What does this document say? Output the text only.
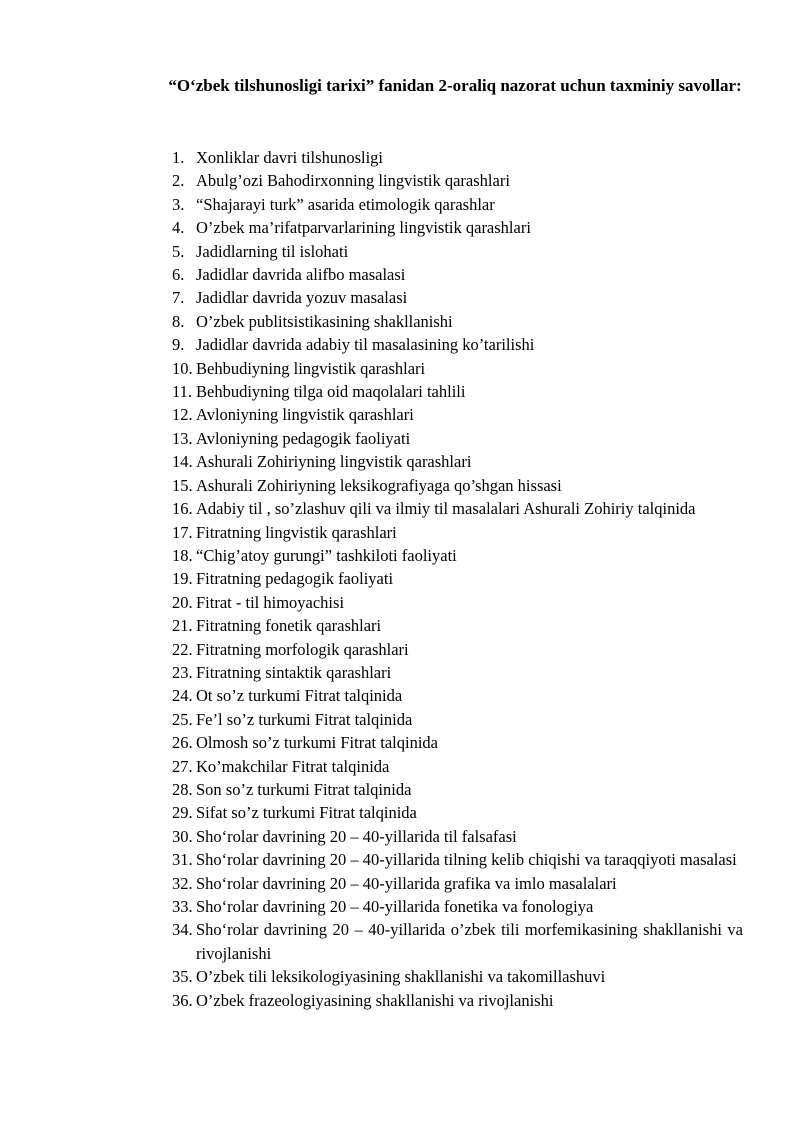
“O‘zbek tilshunosligi tarixi” fanidan 2-oraliq nazorat uchun taxminiy savollar:
1. Xonliklar davri tilshunosligi
2. Abulg’ozi Bahodirxonning lingvistik qarashlari
3. “Shajarayi turk” asarida etimologik qarashlar
4. O’zbek ma’rifatparvarlarining lingvistik qarashlari
5. Jadidlarning til islohati
6. Jadidlar davrida alifbo masalasi
7. Jadidlar davrida yozuv masalasi
8. O’zbek publitsistikasining shakllanishi
9. Jadidlar davrida adabiy til masalasining ko’tarilishi
10. Behbudiyning lingvistik qarashlari
11. Behbudiyning tilga oid maqolalari tahlili
12. Avloniyning lingvistik qarashlari
13. Avloniyning pedagogik faoliyati
14. Ashurali Zohiriyning lingvistik qarashlari
15. Ashurali Zohiriyning leksikografiyaga qo’shgan hissasi
16. Adabiy til , so’zlashuv qili va ilmiy til masalalari Ashurali Zohiriy talqinida
17. Fitratning lingvistik qarashlari
18. “Chig’atoy gurungi” tashkiloti faoliyati
19. Fitratning pedagogik faoliyati
20. Fitrat - til himoyachisi
21. Fitratning fonetik qarashlari
22. Fitratning morfologik qarashlari
23. Fitratning sintaktik qarashlari
24. Ot so’z turkumi Fitrat talqinida
25. Fe’l so’z turkumi Fitrat talqinida
26. Olmosh so’z turkumi Fitrat talqinida
27. Ko’makchilar Fitrat talqinida
28. Son so’z turkumi Fitrat talqinida
29. Sifat so’z turkumi Fitrat talqinida
30. Sho‘rolar davrining 20 – 40-yillarida til falsafasi
31. Sho‘rolar davrining 20 – 40-yillarida tilning kelib chiqishi va taraqqiyoti masalasi
32. Sho‘rolar davrining 20 – 40-yillarida grafika va imlo masalalari
33. Sho‘rolar davrining 20 – 40-yillarida fonetika va fonologiya
34. Sho‘rolar davrining 20 – 40-yillarida o’zbek tili morfemikasining shakllanishi va rivojlanishi
35. O’zbek tili leksikologiyasining shakllanishi va takomillashuvi
36. O’zbek frazeologiyasining shakllanishi va rivojlanishi
